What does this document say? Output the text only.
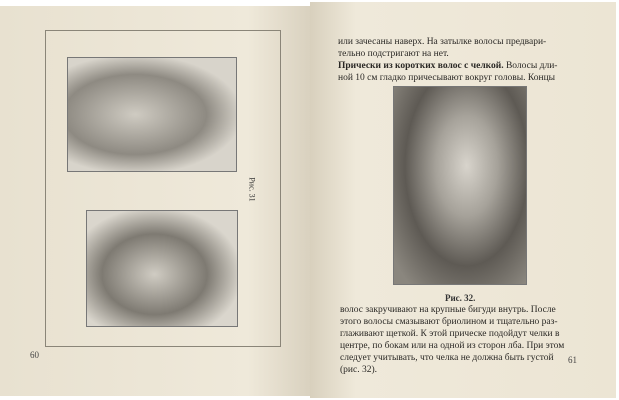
Рис. 31
60
или зачесаны наверх. На затылке волосы предвари-
тельно подстригают на нет.
Прически из коротких волос с челкой. Волосы дли-
ной 10 см гладко причесывают вокруг головы. Концы
Рис. 32.
волос закручивают на крупные бигуди внутрь. После
этого волосы смазывают бриолином и тщательно раз-
глаживают щеткой. К этой прическе подойдут челки в
центре, по бокам или на одной из сторон лба. При этом
следует учитывать, что челка не должна быть густой
(рис. 32).
61
